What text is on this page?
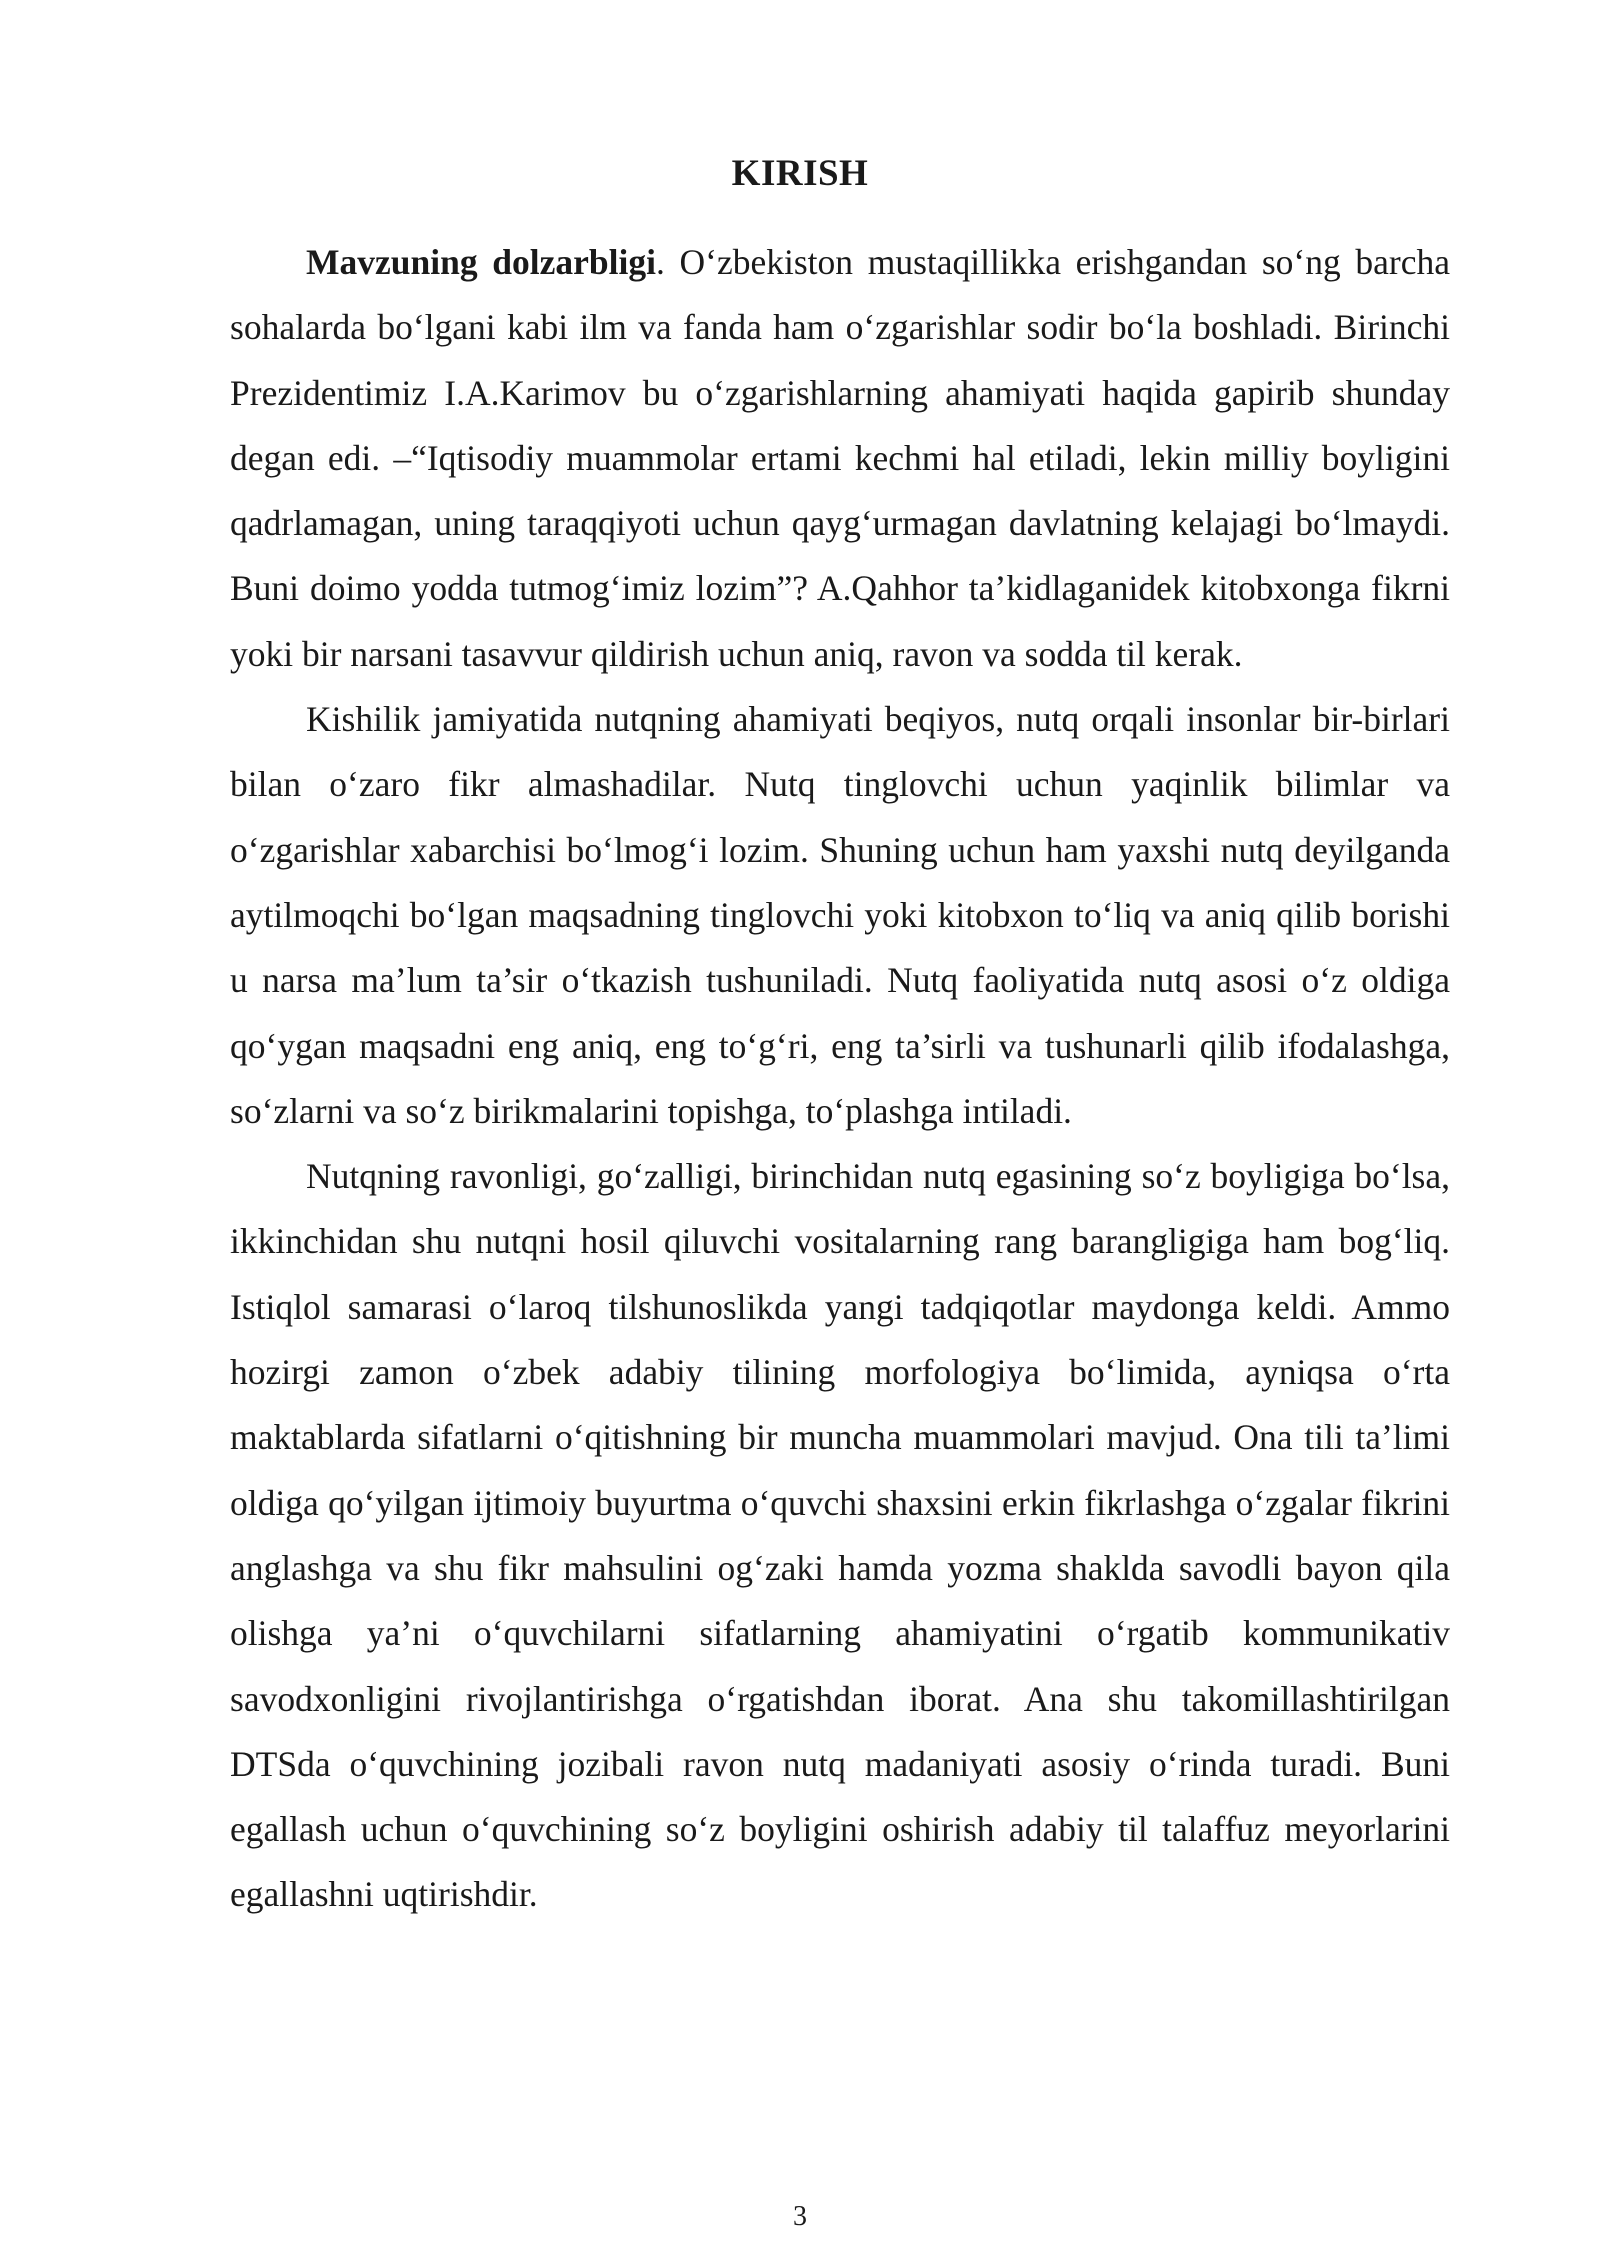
KIRISH

Mavzuning dolzarbligi. O‘zbekiston mustaqillikka erishgandan so‘ng barcha sohalarda bo‘lgani kabi ilm va fanda ham o‘zgarishlar sodir bo‘la boshladi. Birinchi Prezidentimiz I.A.Karimov bu o‘zgarishlarning ahamiyati haqida gapirib shunday degan edi. –“Iqtisodiy muammolar ertami kechmi hal etiladi, lekin milliy boyligini qadrlamagan, uning taraqqiyoti uchun qayg‘urmagan davlatning kelajagi bo‘lmaydi. Buni doimo yodda tutmog‘imiz lozim”? A.Qahhor ta’kidlaganidek kitobxonga fikrni yoki bir narsani tasavvur qildirish uchun aniq, ravon va sodda til kerak.

Kishilik jamiyatida nutqning ahamiyati beqiyos, nutq orqali insonlar bir-birlari bilan o‘zaro fikr almashadilar. Nutq tinglovchi uchun yaqinlik bilimlar va o‘zgarishlar xabarchisi bo‘lmog‘i lozim. Shuning uchun ham yaxshi nutq deyilganda aytilmoqchi bo‘lgan maqsadning tinglovchi yoki kitobxon to‘liq va aniq qilib borishi u narsa ma’lum ta’sir o‘tkazish tushuniladi. Nutq faoliyatida nutq asosi o‘z oldiga qo‘ygan maqsadni eng aniq, eng to‘g‘ri, eng ta’sirli va tushunarli qilib ifodalashga, so‘zlarni va so‘z birikmalarini topishga, to‘plashga intiladi.

Nutqning ravonligi, go‘zalligi, birinchidan nutq egasining so‘z boyligiga bo‘lsa, ikkinchidan shu nutqni hosil qiluvchi vositalarning rang barangligiga ham bog‘liq. Istiqlol samarasi o‘laroq tilshunoslikda yangi tadqiqotlar maydonga keldi. Ammo hozirgi zamon o‘zbek adabiy tilining morfologiya bo‘limida, ayniqsa o‘rta maktablarda sifatlarni o‘qitishning bir muncha muammolari mavjud. Ona tili ta’limi oldiga qo‘yilgan ijtimoiy buyurtma o‘quvchi shaxsini erkin fikrlashga o‘zgalar fikrini anglashga va shu fikr mahsulini og‘zaki hamda yozma shaklda savodli bayon qila olishga ya’ni o‘quvchilarni sifatlarning ahamiyatini o‘rgatib kommunikativ savodxonligini rivojlantirishga o‘rgatishdan iborat. Ana shu takomillashtirilgan DTSda o‘quvchining jozibali ravon nutq madaniyati asosiy o‘rinda turadi. Buni egallash uchun o‘quvchining so‘z boyligini oshirish adabiy til talaffuz meyorlarini egallashni uqtirishdir.

3
